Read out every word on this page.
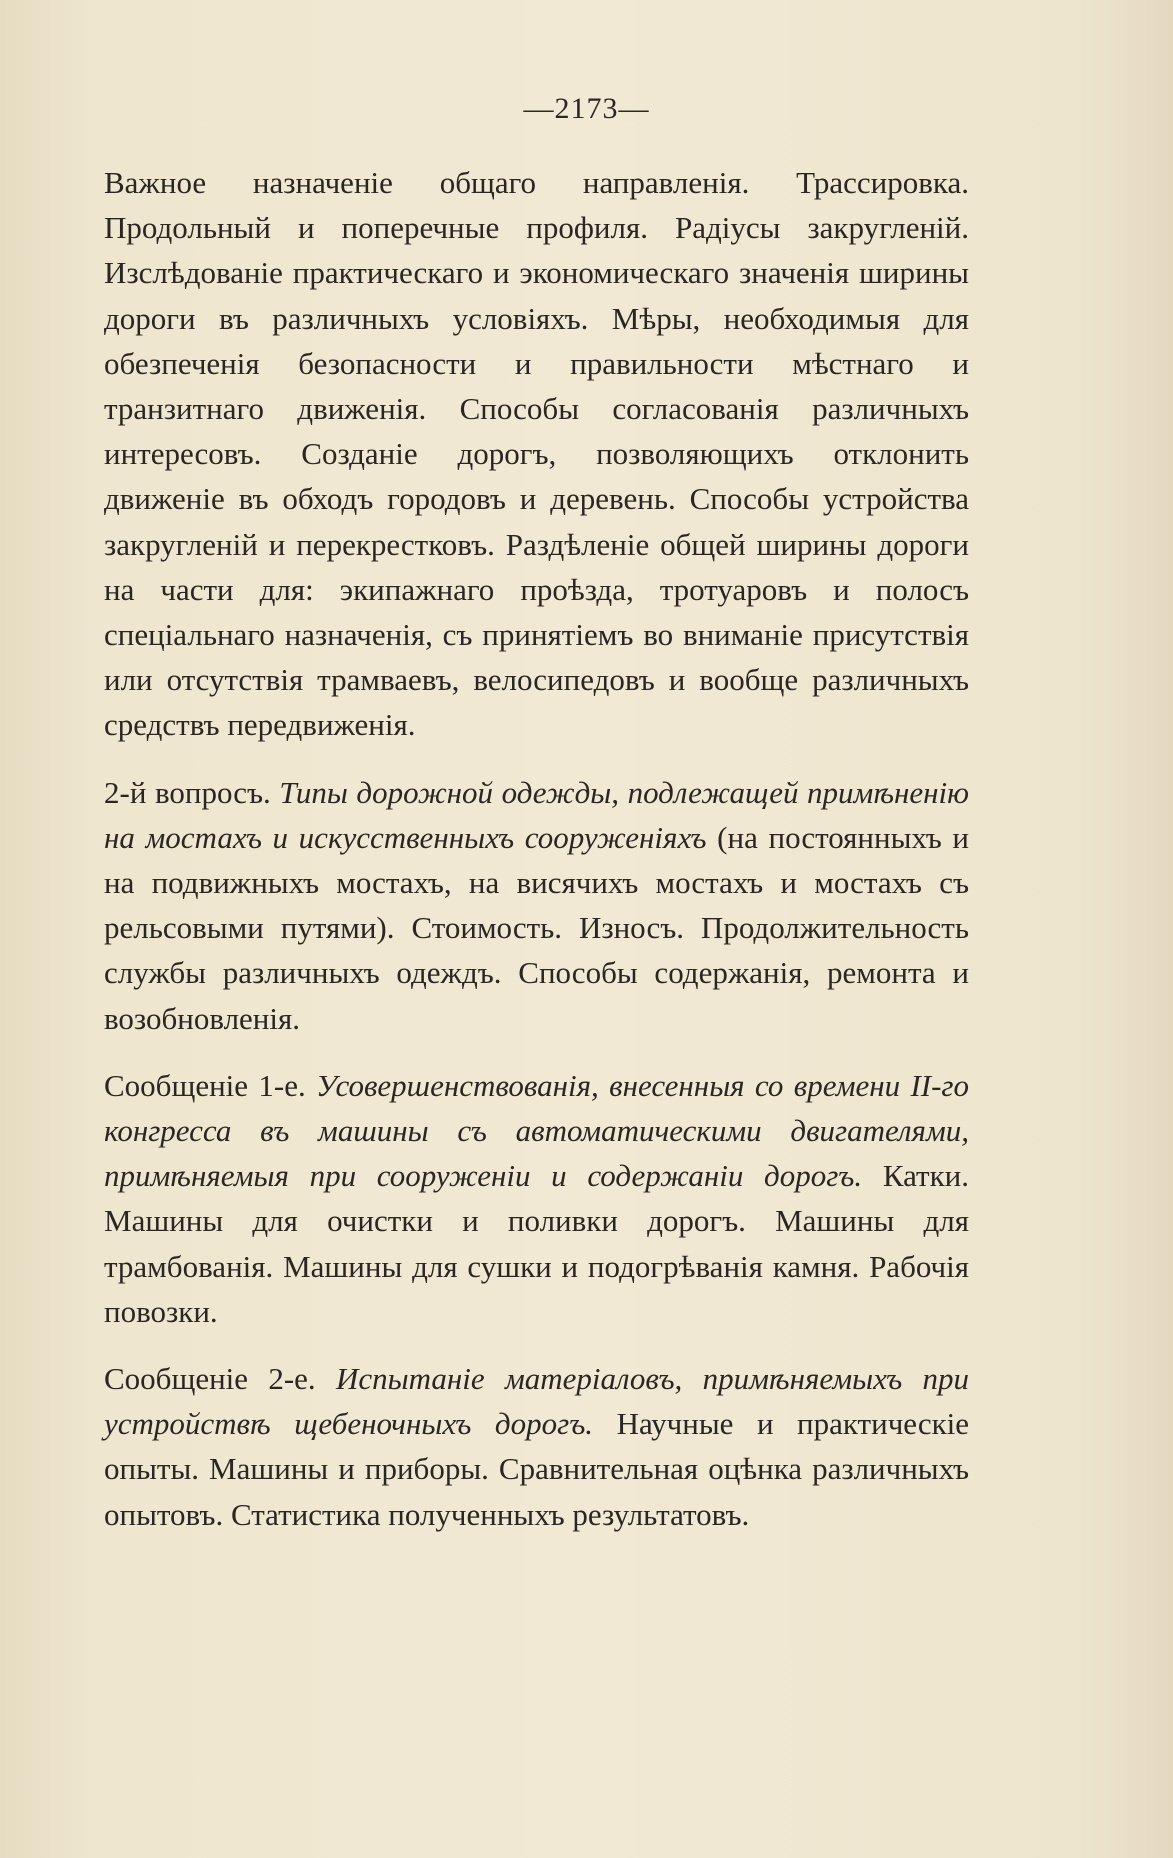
—2173—

Важное назначеніе общаго направленія. Трассировка. Продольный и поперечные профиля. Радіусы закругленій. Изслѣдованіе практическаго и экономическаго значенія ширины дороги въ различныхъ условіяхъ. Мѣры, необходимыя для обезпеченія безопасности и правильности мѣстнаго и транзитнаго движенія. Способы согласованія различныхъ интересовъ. Созданіе дорогъ, позволяющихъ отклонить движеніе въ обходъ городовъ и деревень. Способы устройства закругленій и перекрестковъ. Раздѣленіе общей ширины дороги на части для: экипажнаго проѣзда, тротуаровъ и полосъ спеціальнаго назначенія, съ принятіемъ во вниманіе присутствія или отсутствія трамваевъ, велосипедовъ и вообще различныхъ средствъ передвиженія.

2-й вопросъ. Типы дорожной одежды, подлежащей примѣненію на мостахъ и искусственныхъ сооруженіяхъ (на постоянныхъ и на подвижныхъ мостахъ, на висячихъ мостахъ и мостахъ съ рельсовыми путями). Стоимость. Износъ. Продолжительность службы различныхъ одеждъ. Способы содержанія, ремонта и возобновленія.

Сообщеніе 1-е. Усовершенствованія, внесенныя со времени II-го конгресса въ машины съ автоматическими двигателями, примѣняемыя при сооруженіи и содержаніи дорогъ. Катки. Машины для очистки и поливки дорогъ. Машины для трамбованія. Машины для сушки и подогрѣванія камня. Рабочія повозки.

Сообщеніе 2-е. Испытаніе матеріаловъ, примѣняемыхъ при устройствѣ щебеночныхъ дорогъ. Научные и практическіе опыты. Машины и приборы. Сравнительная оцѣнка различныхъ опытовъ. Статистика полученныхъ результатовъ.
